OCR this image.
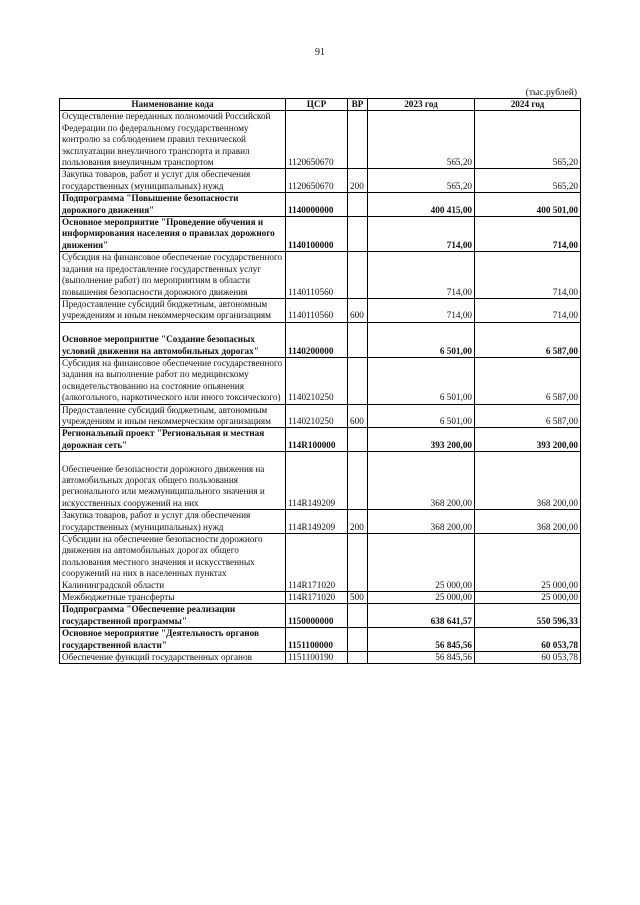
91
(тыс.рублей)
Наименование кода	ЦСР	ВР	2023 год	2024 год
Осуществление переданных полномочий Российской Федерации по федеральному государственному контролю за соблюдением правил технической эксплуатации внеуличного транспорта и правил пользования внеуличным транспортом	1120650670		565,20	565,20
Закупка товаров, работ и услуг для обеспечения государственных (муниципальных) нужд	1120650670	200	565,20	565,20
Подпрограмма "Повышение безопасности дорожного движения"	1140000000		400 415,00	400 501,00
Основное мероприятие "Проведение обучения и информирования населения о правилах дорожного движения"	1140100000		714,00	714,00
Субсидия на финансовое обеспечение государственного задания на предоставление государственных услуг (выполнение работ) по мероприятиям в области повышения безопасности дорожного движения	1140110560		714,00	714,00
Предоставление субсидий бюджетным, автономным учреждениям и иным некоммерческим организациям	1140110560	600	714,00	714,00

Основное мероприятие "Создание безопасных условий движения на автомобильных дорогах"	1140200000		6 501,00	6 587,00
Субсидия на финансовое обеспечение государственного задания на выполнение работ по медицинскому освидетельствованию на состояние опьянения (алкогольного, наркотического или иного токсического)	1140210250		6 501,00	6 587,00
Предоставление субсидий бюджетным, автономным учреждениям и иным некоммерческим организациям	1140210250	600	6 501,00	6 587,00
Региональный проект "Региональная и местная дорожная сеть"	114R100000		393 200,00	393 200,00

Обеспечение безопасности дорожного движения на автомобильных дорогах общего пользования регионального или межмуниципального значения и искусственных сооружений на них	114R149209		368 200,00	368 200,00
Закупка товаров, работ и услуг для обеспечения государственных (муниципальных) нужд	114R149209	200	368 200,00	368 200,00
Субсидии на обеспечение безопасности дорожного движения на автомобильных дорогах общего пользования местного значения и искусственных сооружений на них в населенных пунктах Калининградской области	114R171020		25 000,00	25 000,00
Межбюджетные трансферты	114R171020	500	25 000,00	25 000,00
Подпрограмма "Обеспечение реализации государственной программы"	1150000000		638 641,57	550 596,33
Основное мероприятие "Деятельность органов государственной власти"	1151100000		56 845,56	60 053,78
Обеспечение функций государственных органов	1151100190		56 845,56	60 053,78
